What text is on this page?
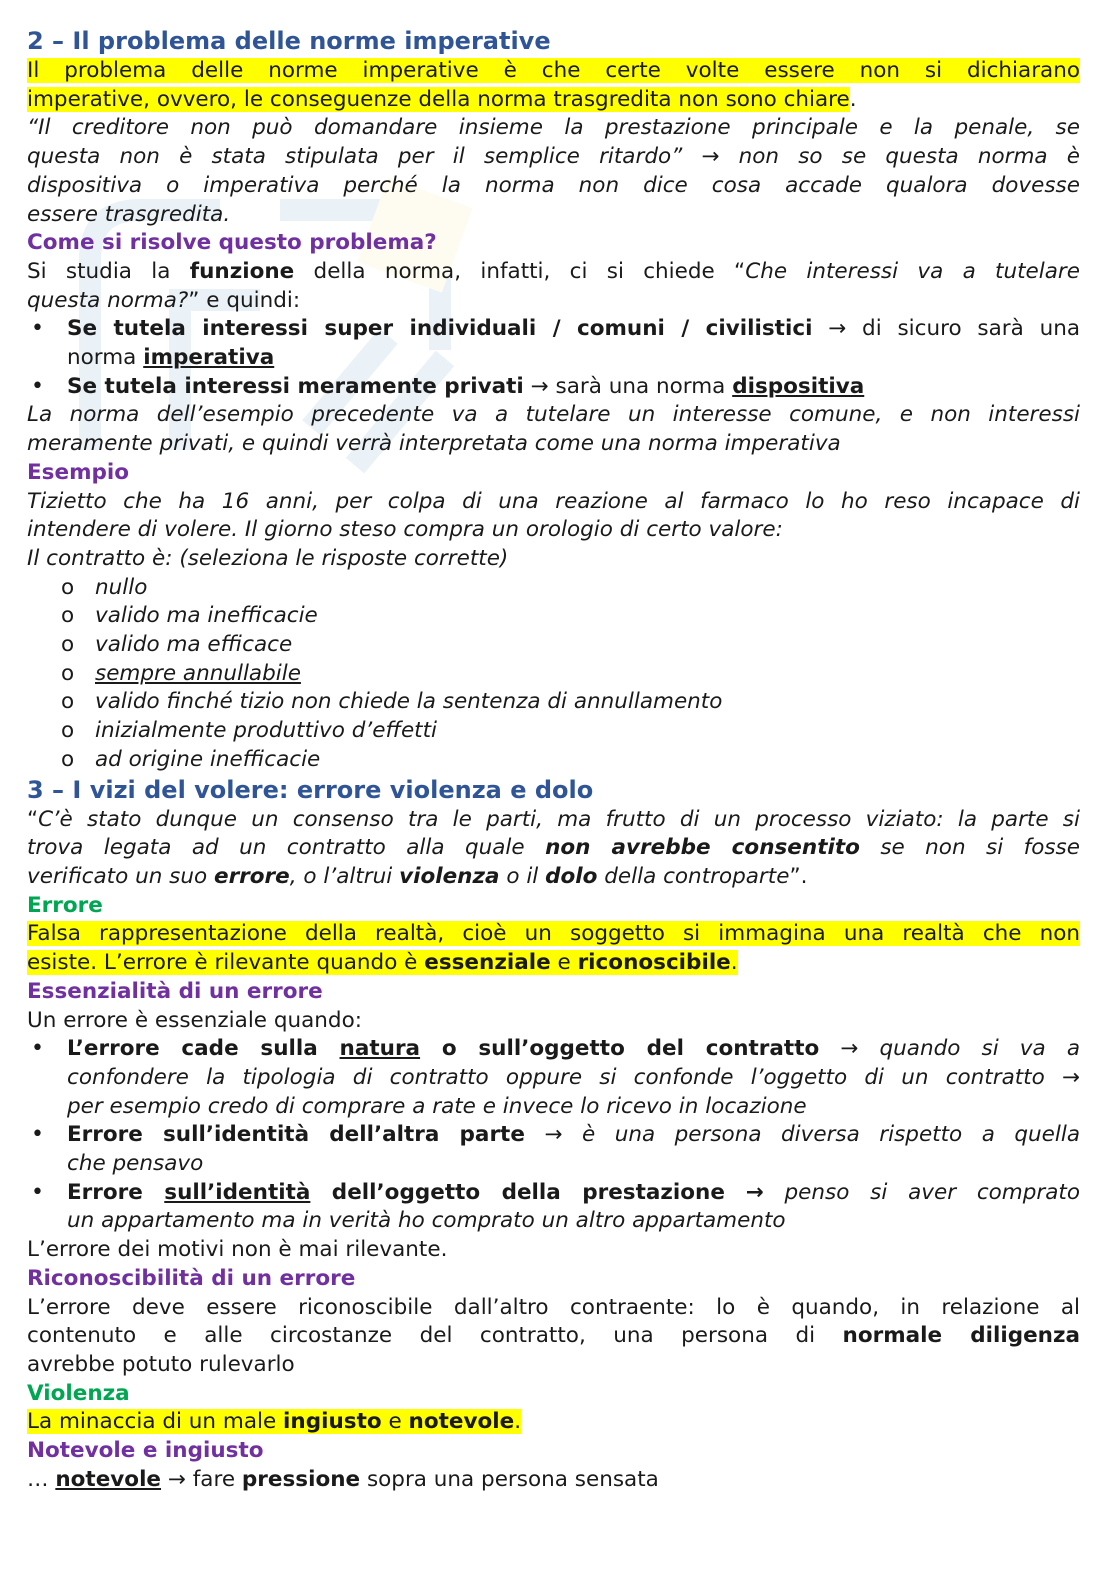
2 – Il problema delle norme imperative
Il problema delle norme imperative è che certe volte essere non si dichiarano
imperative, ovvero, le conseguenze della norma trasgredita non sono chiare.
“Il creditore non può domandare insieme la prestazione principale e la penale, se
questa non è stata stipulata per il semplice ritardo” → non so se questa norma è
dispositiva o imperativa perché la norma non dice cosa accade qualora dovesse
essere trasgredita.
Come si risolve questo problema?
Si studia la funzione della norma, infatti, ci si chiede “Che interessi va a tutelare
questa norma?” e quindi:
• Se tutela interessi super individuali / comuni / civilistici → di sicuro sarà una
norma imperativa
• Se tutela interessi meramente privati → sarà una norma dispositiva
La norma dell’esempio precedente va a tutelare un interesse comune, e non interessi
meramente privati, e quindi verrà interpretata come una norma imperativa
Esempio
Tizietto che ha 16 anni, per colpa di una reazione al farmaco lo ho reso incapace di
intendere di volere. Il giorno steso compra un orologio di certo valore:
Il contratto è: (seleziona le risposte corrette)
o nullo
o valido ma inefficacie
o valido ma efficace
o sempre annullabile
o valido finché tizio non chiede la sentenza di annullamento
o inizialmente produttivo d’effetti
o ad origine inefficacie
3 – I vizi del volere: errore violenza e dolo
“C’è stato dunque un consenso tra le parti, ma frutto di un processo viziato: la parte si
trova legata ad un contratto alla quale non avrebbe consentito se non si fosse
verificato un suo errore, o l’altrui violenza o il dolo della controparte”.
Errore
Falsa rappresentazione della realtà, cioè un soggetto si immagina una realtà che non
esiste. L’errore è rilevante quando è essenziale e riconoscibile.
Essenzialità di un errore
Un errore è essenziale quando:
• L’errore cade sulla natura o sull’oggetto del contratto → quando si va a
confondere la tipologia di contratto oppure si confonde l’oggetto di un contratto →
per esempio credo di comprare a rate e invece lo ricevo in locazione
• Errore sull’identità dell’altra parte → è una persona diversa rispetto a quella
che pensavo
• Errore sull’identità dell’oggetto della prestazione → penso si aver comprato
un appartamento ma in verità ho comprato un altro appartamento
L’errore dei motivi non è mai rilevante.
Riconoscibilità di un errore
L’errore deve essere riconoscibile dall’altro contraente: lo è quando, in relazione al
contenuto e alle circostanze del contratto, una persona di normale diligenza
avrebbe potuto rulevarlo
Violenza
La minaccia di un male ingiusto e notevole.
Notevole e ingiusto
… notevole → fare pressione sopra una persona sensata
